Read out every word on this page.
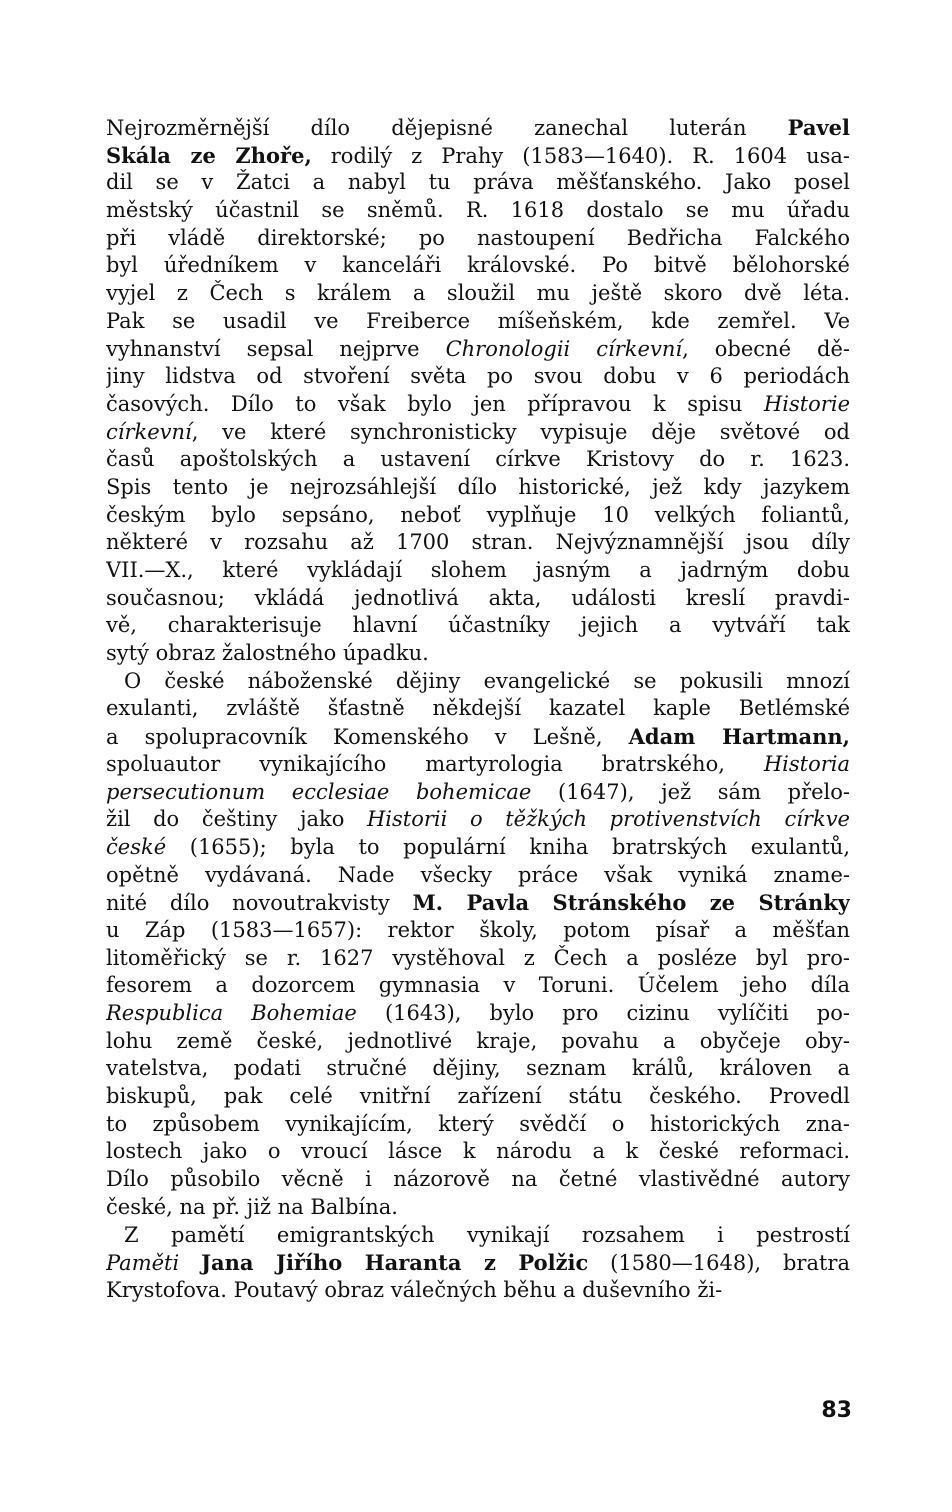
Nejrozměrnější dílo dějepisné zanechal luterán Pavel
Skála ze Zhoře, rodilý z Prahy (1583—1640). R. 1604 usa-
dil se v Žatci a nabyl tu práva měšťanského. Jako posel
městský účastnil se sněmů. R. 1618 dostalo se mu úřadu
při vládě direktorské; po nastoupení Bedřicha Falckého
byl úředníkem v kanceláři královské. Po bitvě bělohorské
vyjel z Čech s králem a sloužil mu ještě skoro dvě léta.
Pak se usadil ve Freiberce míšeňském, kde zemřel. Ve
vyhnanství sepsal nejprve Chronologii církevní, obecné dě-
jiny lidstva od stvoření světa po svou dobu v 6 periodách
časových. Dílo to však bylo jen přípravou k spisu Historie
církevní, ve které synchronisticky vypisuje děje světové od
časů apoštolských a ustavení církve Kristovy do r. 1623.
Spis tento je nejrozsáhlejší dílo historické, jež kdy jazykem
českým bylo sepsáno, neboť vyplňuje 10 velkých foliantů,
některé v rozsahu až 1700 stran. Nejvýznamnější jsou díly
VII.—X., které vykládají slohem jasným a jadrným dobu
současnou; vkládá jednotlivá akta, události kreslí pravdi-
vě, charakterisuje hlavní účastníky jejich a vytváří tak
sytý obraz žalostného úpadku.
O české náboženské dějiny evangelické se pokusili mnozí
exulanti, zvláště šťastně někdejší kazatel kaple Betlémské
a spolupracovník Komenského v Lešně, Adam Hartmann,
spoluautor vynikajícího martyrologia bratrského, Historia
persecutionum ecclesiae bohemicae (1647), jež sám přelo-
žil do češtiny jako Historii o těžkých protivenstvích církve
české (1655); byla to populární kniha bratrských exulantů,
opětně vydávaná. Nade všecky práce však vyniká zname-
nité dílo novoutrakvisty M. Pavla Stránského ze Stránky
u Záp (1583—1657): rektor školy, potom písař a měšťan
litoměřický se r. 1627 vystěhoval z Čech a posléze byl pro-
fesorem a dozorcem gymnasia v Toruni. Účelem jeho díla
Respublica Bohemiae (1643), bylo pro cizinu vylíčiti po-
lohu země české, jednotlivé kraje, povahu a obyčeje oby-
vatelstva, podati stručné dějiny, seznam králů, královen a
biskupů, pak celé vnitřní zařízení státu českého. Provedl
to způsobem vynikajícím, který svědčí o historických zna-
lostech jako o vroucí lásce k národu a k české reformaci.
Dílo působilo věcně i názorově na četné vlastivědné autory
české, na př. již na Balbína.
Z pamětí emigrantských vynikají rozsahem i pestrostí
Paměti Jana Jiřího Haranta z Polžic (1580—1648), bratra
Krystofova. Poutavý obraz válečných běhu a duševního ži-
83
